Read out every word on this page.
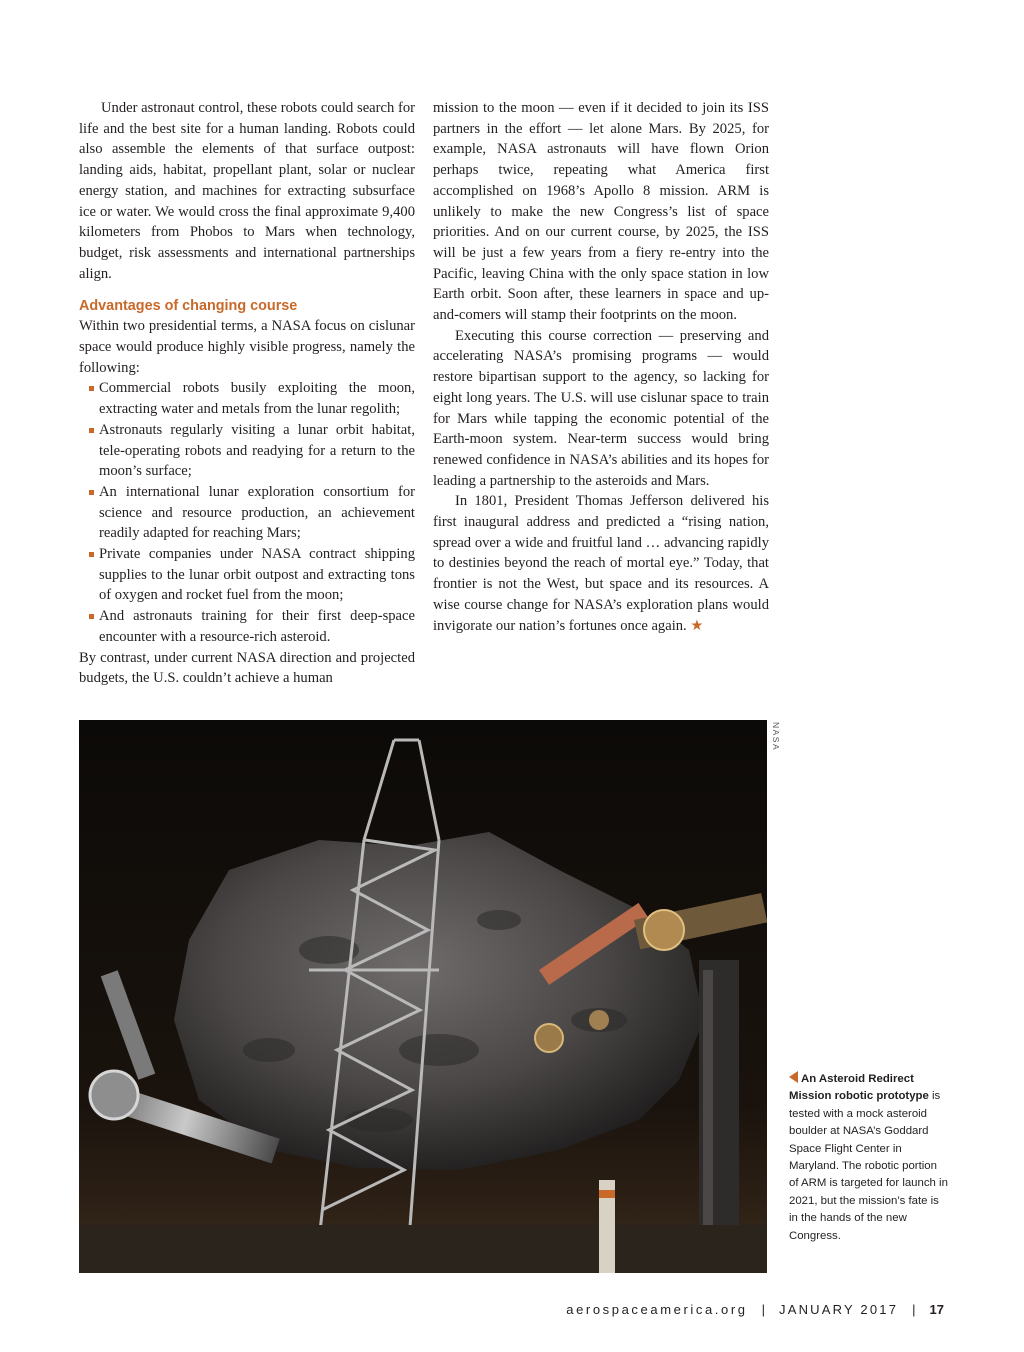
Under astronaut control, these robots could search for life and the best site for a human landing. Robots could also assemble the elements of that surface outpost: landing aids, habitat, propellant plant, solar or nuclear energy station, and machines for extracting subsurface ice or water. We would cross the final approximate 9,400 kilometers from Phobos to Mars when technology, budget, risk assessments and international partnerships align.

Advantages of changing course

Within two presidential terms, a NASA focus on cislunar space would produce highly visible progress, namely the following:

Commercial robots busily exploiting the moon, extracting water and metals from the lunar regolith;
Astronauts regularly visiting a lunar orbit habitat, tele-operating robots and readying for a return to the moon’s surface;
An international lunar exploration consortium for science and resource production, an achievement readily adapted for reaching Mars;
Private companies under NASA contract shipping supplies to the lunar orbit outpost and extracting tons of oxygen and rocket fuel from the moon;
And astronauts training for their first deep-space encounter with a resource-rich asteroid.

By contrast, under current NASA direction and projected budgets, the U.S. couldn’t achieve a human

mission to the moon — even if it decided to join its ISS partners in the effort — let alone Mars. By 2025, for example, NASA astronauts will have flown Orion perhaps twice, repeating what America first accomplished on 1968’s Apollo 8 mission. ARM is unlikely to make the new Congress’s list of space priorities. And on our current course, by 2025, the ISS will be just a few years from a fiery re-entry into the Pacific, leaving China with the only space station in low Earth orbit. Soon after, these learners in space and up-and-comers will stamp their footprints on the moon.

Executing this course correction — preserving and accelerating NASA’s promising programs — would restore bipartisan support to the agency, so lacking for eight long years. The U.S. will use cislunar space to train for Mars while tapping the economic potential of the Earth-moon system. Near-term success would bring renewed confidence in NASA’s abilities and its hopes for leading a partnership to the asteroids and Mars.

In 1801, President Thomas Jefferson delivered his first inaugural address and predicted a “rising nation, spread over a wide and fruitful land … advancing rapidly to destinies beyond the reach of mortal eye.” Today, that frontier is not the West, but space and its resources. A wise course change for NASA’s exploration plans would invigorate our nation’s fortunes once again. ★

NASA
An Asteroid Redirect Mission robotic prototype is tested with a mock asteroid boulder at NASA’s Goddard Space Flight Center in Maryland. The robotic portion of ARM is targeted for launch in 2021, but the mission’s fate is in the hands of the new Congress.
aerospaceamerica.org | JANUARY 2017 | 17
